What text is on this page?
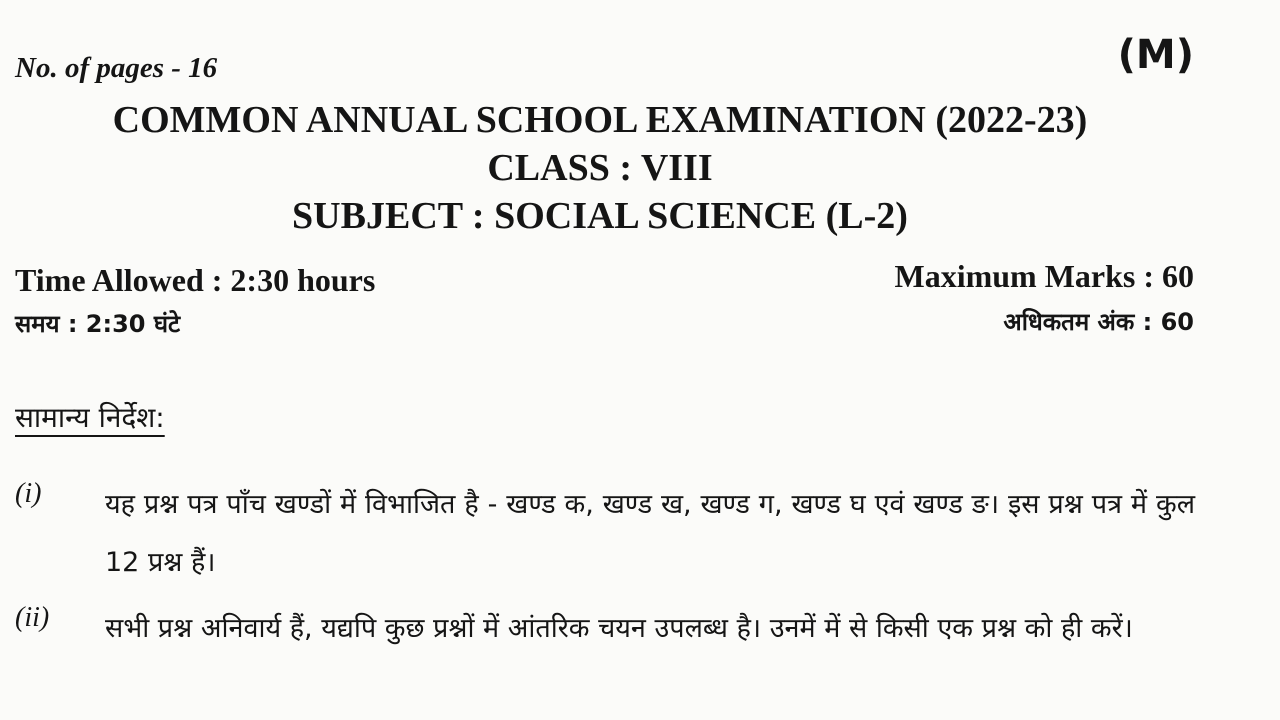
No. of pages - 16	(M)
COMMON ANNUAL SCHOOL EXAMINATION (2022-23)
CLASS : VIII
SUBJECT : SOCIAL SCIENCE (L-2)
Time Allowed : 2:30 hours
समय : 2:30 घंटे
Maximum Marks : 60
अधिकतम अंक : 60
सामान्य निर्देश:
(i) यह प्रश्न पत्र पाँच खण्डों में विभाजित है - खण्ड क, खण्ड ख, खण्ड ग, खण्ड घ एवं खण्ड ङ। इस प्रश्न पत्र में कुल 12 प्रश्न हैं।
(ii) सभी प्रश्न अनिवार्य हैं, यद्यपि कुछ प्रश्नों में आंतरिक चयन उपलब्ध है। उनमें में से किसी एक प्रश्न को ही करें।
